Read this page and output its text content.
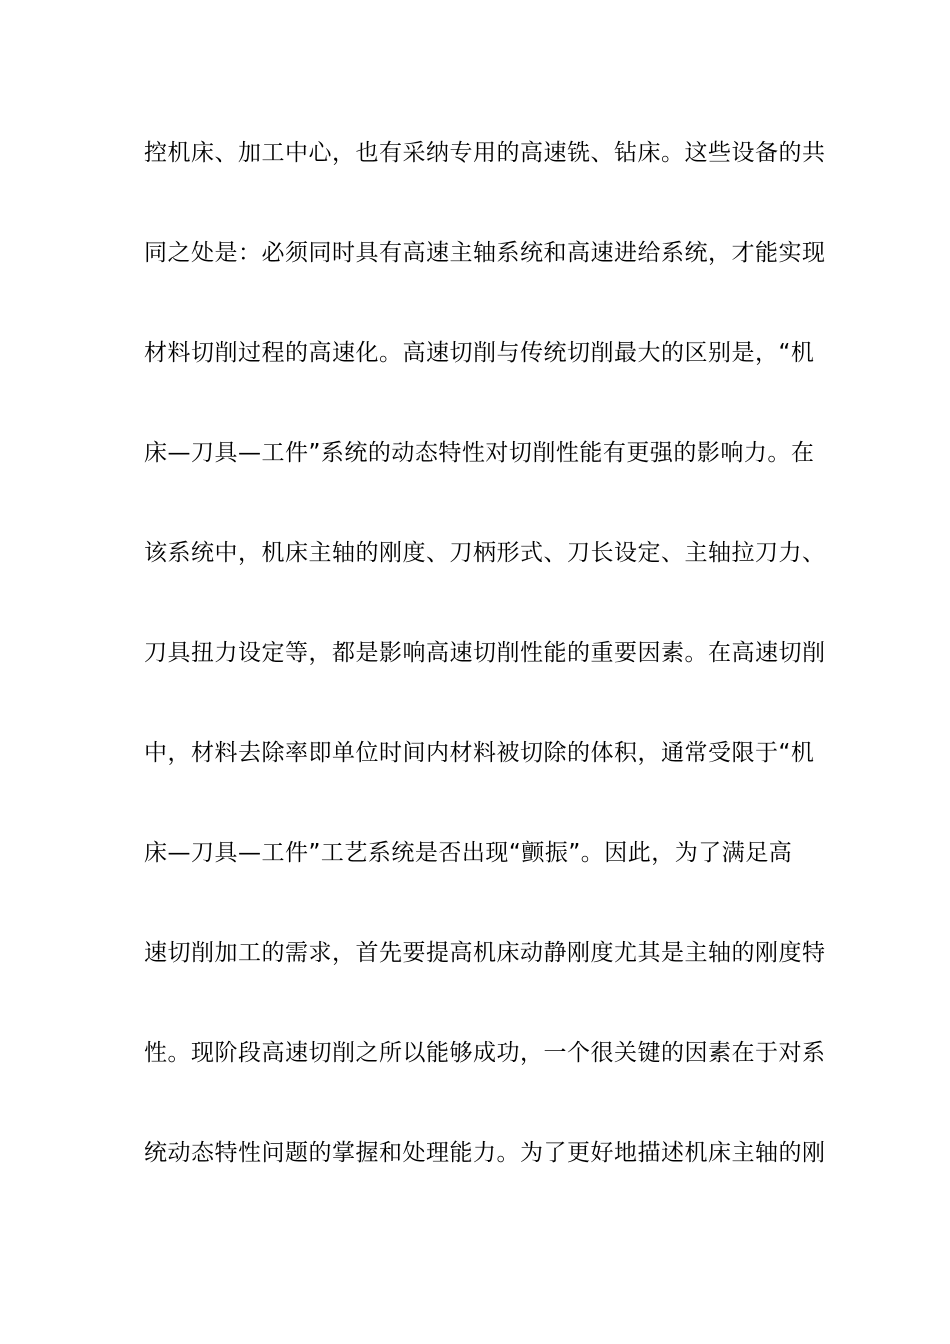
控机床、加工中心，也有采纳专用的高速铣、钻床。这些设备的共
同之处是：必须同时具有高速主轴系统和高速进给系统，才能实现
材料切削过程的高速化。高速切削与传统切削最大的区别是，“机
床—刀具—工件”系统的动态特性对切削性能有更强的影响力。在
该系统中，机床主轴的刚度、刀柄形式、刀长设定、主轴拉刀力、
刀具扭力设定等，都是影响高速切削性能的重要因素。在高速切削
中，材料去除率即单位时间内材料被切除的体积，通常受限于“机
床—刀具—工件”工艺系统是否出现“颤振”。因此，为了满足高
速切削加工的需求，首先要提高机床动静刚度尤其是主轴的刚度特
性。现阶段高速切削之所以能够成功，一个很关键的因素在于对系
统动态特性问题的掌握和处理能力。为了更好地描述机床主轴的刚
